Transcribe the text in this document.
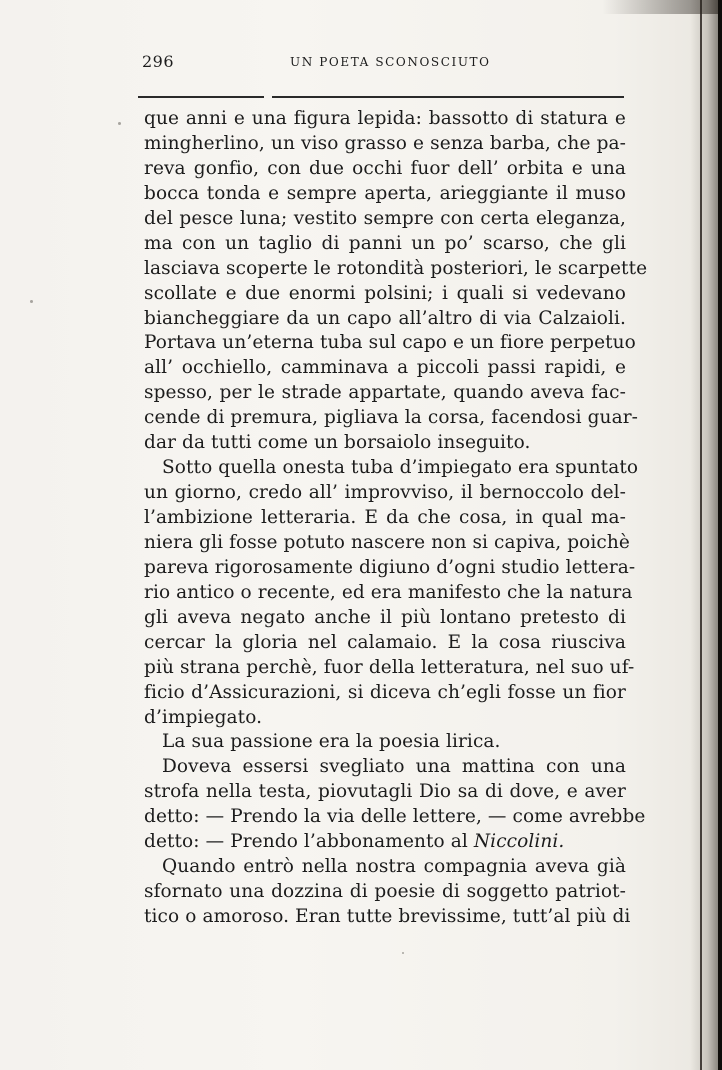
296	UN POETA SCONOSCIUTO
que anni e una figura lepida: bassotto di statura e
mingherlino, un viso grasso e senza barba, che pa-
reva gonfio, con due occhi fuor dell’ orbita e una
bocca tonda e sempre aperta, arieggiante il muso
del pesce luna; vestito sempre con certa eleganza,
ma con un taglio di panni un po’ scarso, che gli
lasciava scoperte le rotondità posteriori, le scarpette
scollate e due enormi polsini; i quali si vedevano
biancheggiare da un capo all’altro di via Calzaioli.
Portava un’eterna tuba sul capo e un fiore perpetuo
all’ occhiello, camminava a piccoli passi rapidi, e
spesso, per le strade appartate, quando aveva fac-
cende di premura, pigliava la corsa, facendosi guar-
dar da tutti come un borsaiolo inseguito.
Sotto quella onesta tuba d’impiegato era spuntato
un giorno, credo all’ improvviso, il bernoccolo del-
l’ambizione letteraria. E da che cosa, in qual ma-
niera gli fosse potuto nascere non si capiva, poichè
pareva rigorosamente digiuno d’ogni studio lettera-
rio antico o recente, ed era manifesto che la natura
gli aveva negato anche il più lontano pretesto di
cercar la gloria nel calamaio. E la cosa riusciva
più strana perchè, fuor della letteratura, nel suo uf-
ficio d’Assicurazioni, si diceva ch’egli fosse un fior
d’impiegato.
La sua passione era la poesia lirica.
Doveva essersi svegliato una mattina con una
strofa nella testa, piovutagli Dio sa di dove, e aver
detto: — Prendo la via delle lettere, — come avrebbe
detto: — Prendo l’abbonamento al Niccolini.
Quando entrò nella nostra compagnia aveva già
sfornato una dozzina di poesie di soggetto patriot-
tico o amoroso. Eran tutte brevissime, tutt’al più di
